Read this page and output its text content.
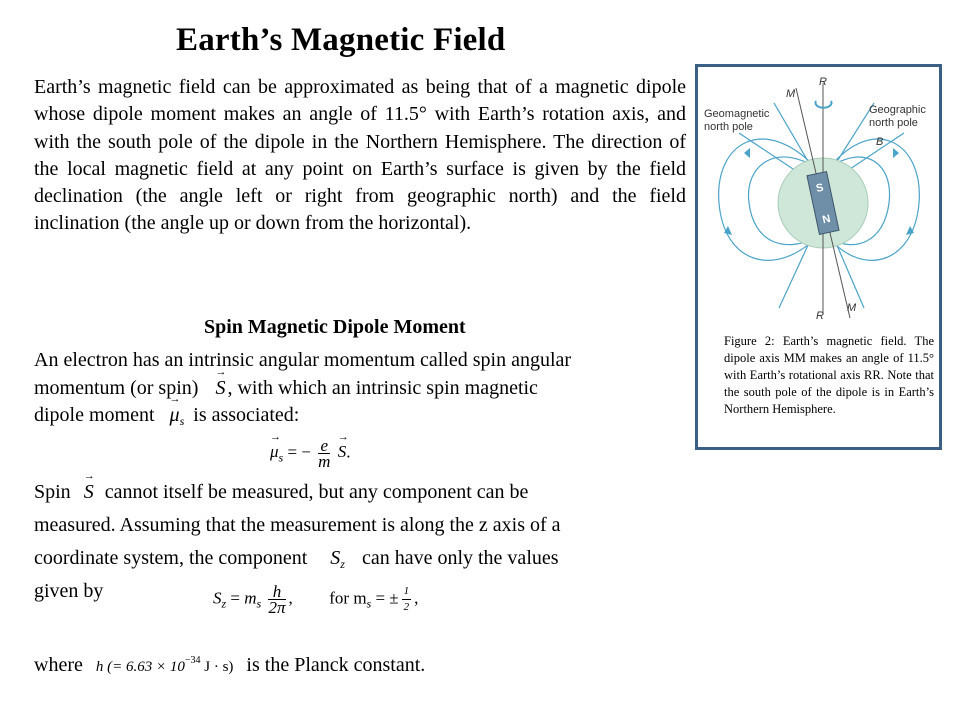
Earth’s Magnetic Field

Earth’s magnetic field can be approximated as being that of a magnetic dipole whose dipole moment makes an angle of 11.5° with Earth’s rotation axis, and with the south pole of the dipole in the Northern Hemisphere. The direction of the local magnetic field at any point on Earth’s surface is given by the field declination (the angle left or right from geographic north) and the field inclination (the angle up or down from the horizontal).

Spin Magnetic Dipole Moment

An electron has an intrinsic angular momentum called spin angular

momentum (or spin) → S , with which an intrinsic spin magnetic

dipole moment → $\mu_s$ is associated:

→ $\mu_s$ = − $\frac{e}{m}$
→ S.

Spin → S cannot itself be measured, but any component can be

measured. Assuming that the measurement is along the z axis of a

coordinate system, the component $S_z$ can have only the values

given by	$S_z = m_s \frac{h}{2\pi}$ , for $m_s$ = ± $\frac{1}{2}$ ,

where h (= $6.63 \times 10^{-34}$ J · s) is the Planck constant.

S
N
R
M
Geomagnetic
north pole
Geographic
north pole
B
R
M
Figure 2: Earth’s magnetic field. The dipole axis MM makes an angle of 11.5° with Earth’s rotational axis RR. Note that the south pole of the dipole is in Earth’s Northern Hemisphere.
